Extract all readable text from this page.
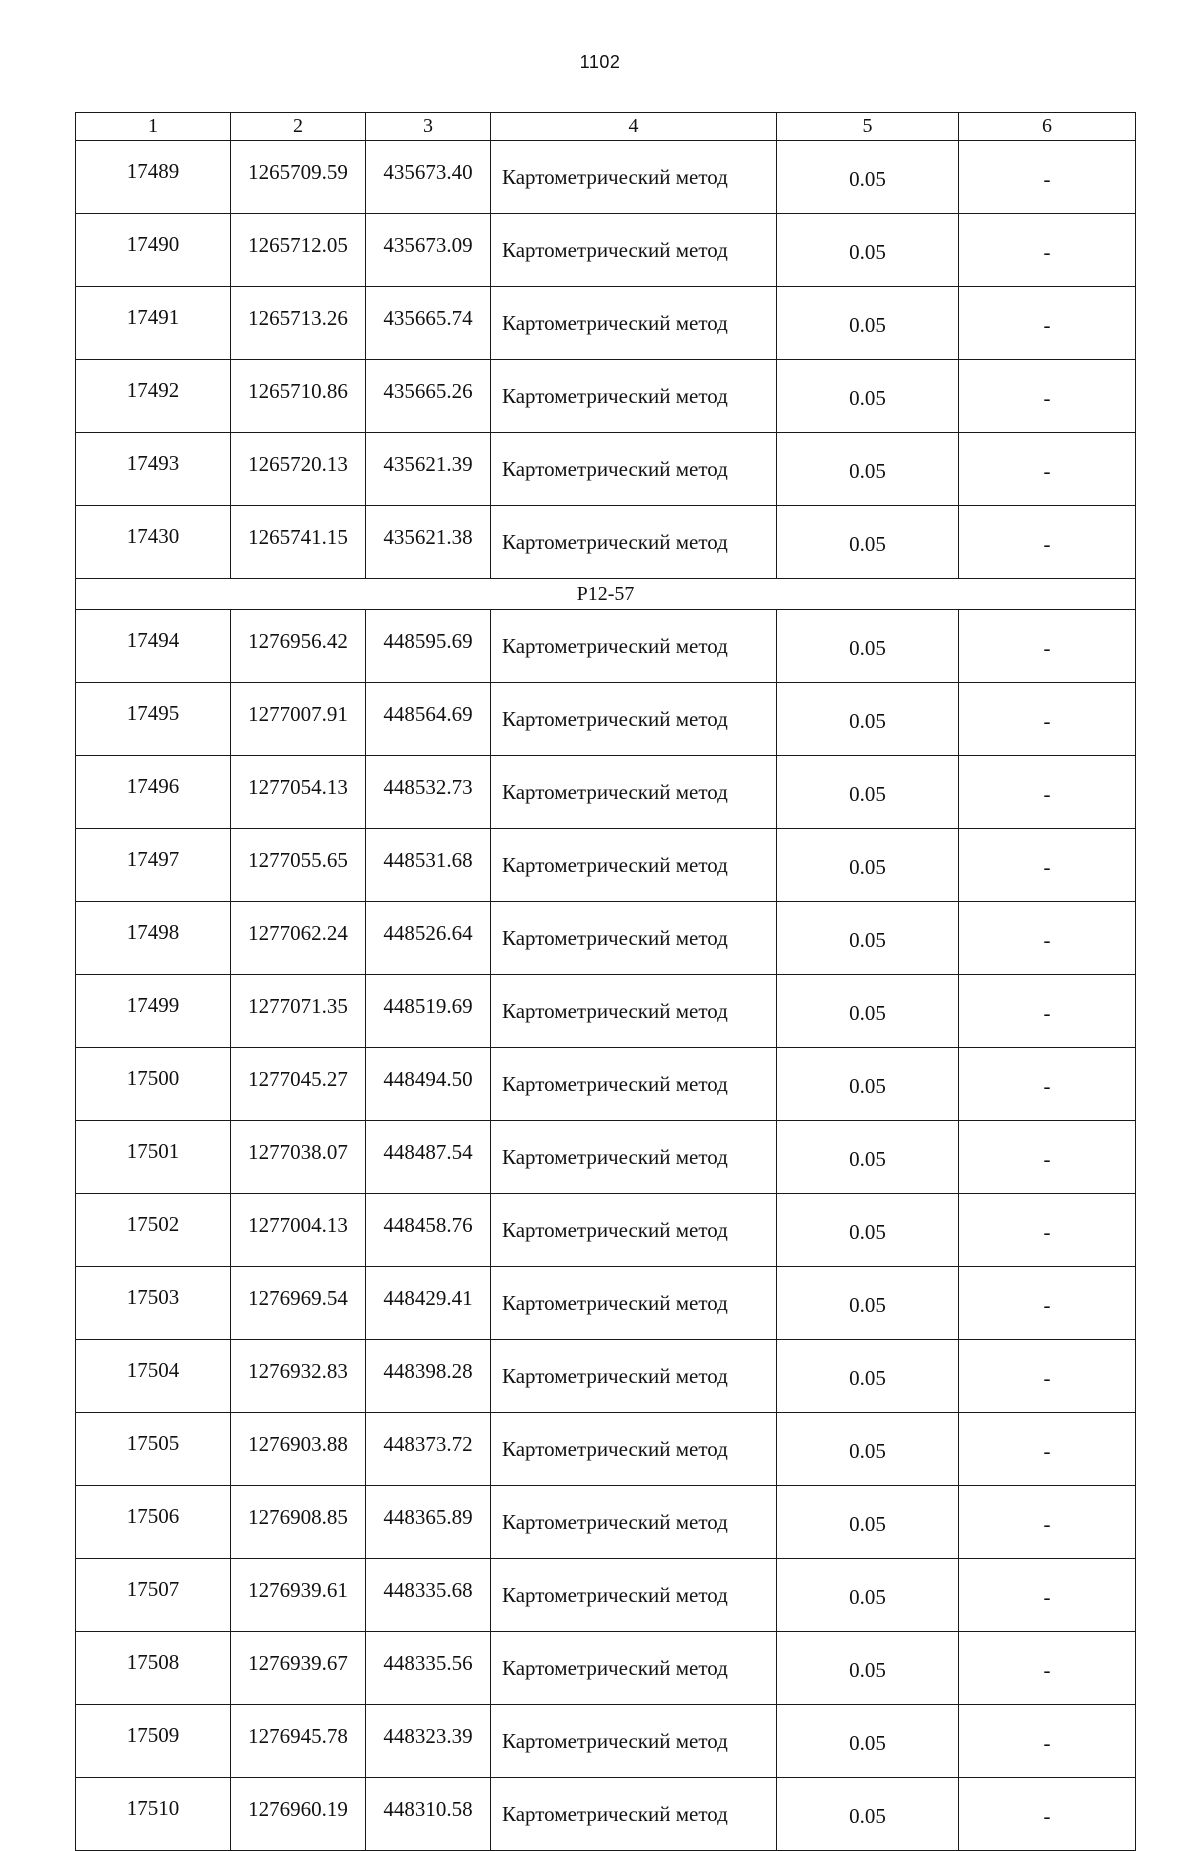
1102
1	2	3	4	5	6
17489	1265709.59	435673.40	Картометрический метод	0.05	-
17490	1265712.05	435673.09	Картометрический метод	0.05	-
17491	1265713.26	435665.74	Картометрический метод	0.05	-
17492	1265710.86	435665.26	Картометрический метод	0.05	-
17493	1265720.13	435621.39	Картометрический метод	0.05	-
17430	1265741.15	435621.38	Картометрический метод	0.05	-
Р12-57					
17494	1276956.42	448595.69	Картометрический метод	0.05	-
17495	1277007.91	448564.69	Картометрический метод	0.05	-
17496	1277054.13	448532.73	Картометрический метод	0.05	-
17497	1277055.65	448531.68	Картометрический метод	0.05	-
17498	1277062.24	448526.64	Картометрический метод	0.05	-
17499	1277071.35	448519.69	Картометрический метод	0.05	-
17500	1277045.27	448494.50	Картометрический метод	0.05	-
17501	1277038.07	448487.54	Картометрический метод	0.05	-
17502	1277004.13	448458.76	Картометрический метод	0.05	-
17503	1276969.54	448429.41	Картометрический метод	0.05	-
17504	1276932.83	448398.28	Картометрический метод	0.05	-
17505	1276903.88	448373.72	Картометрический метод	0.05	-
17506	1276908.85	448365.89	Картометрический метод	0.05	-
17507	1276939.61	448335.68	Картометрический метод	0.05	-
17508	1276939.67	448335.56	Картометрический метод	0.05	-
17509	1276945.78	448323.39	Картометрический метод	0.05	-
17510	1276960.19	448310.58	Картометрический метод	0.05	-
